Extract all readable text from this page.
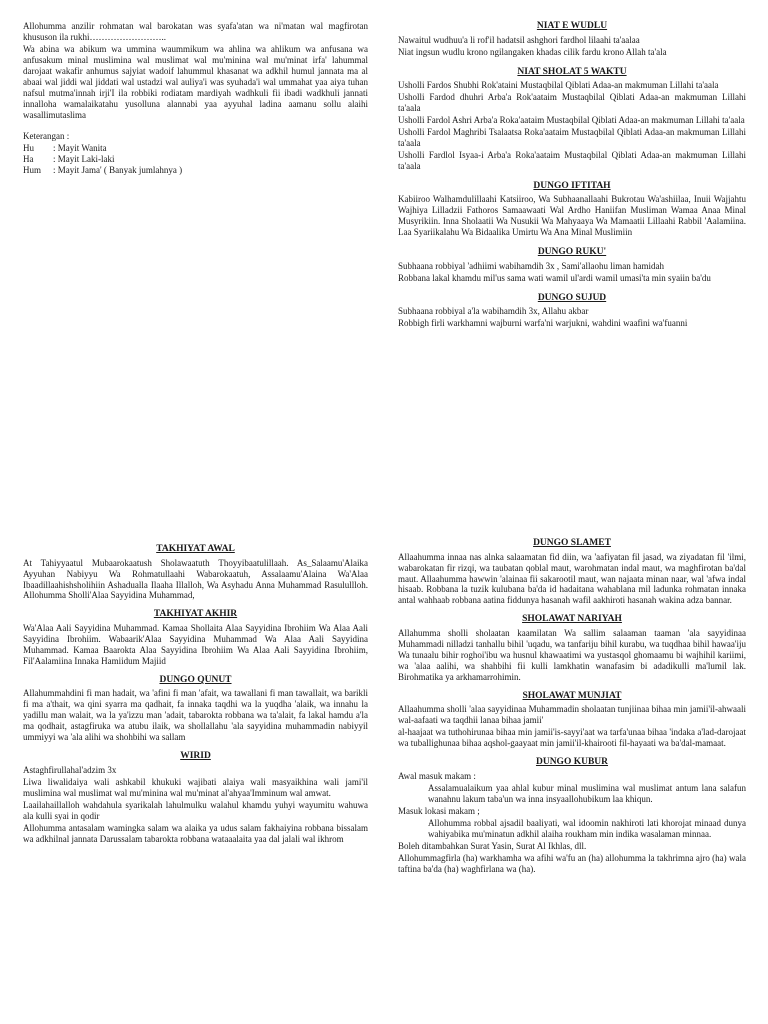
Allohumma anzilir rohmatan wal barokatan was syafa'atan wa ni'matan wal magfirotan khususon ila rukhi……………………..

Wa abina wa abikum wa ummina waummikum wa ahlina wa ahlikum wa anfusana wa anfusakum minal muslimina wal muslimat wal mu'minina wal mu'minat irfa' lahummal darojaat wakafir anhumus sajyiat wadoif lahummul khasanat wa adkhil humul jannata ma al abaai wal jiddi wal jiddati wal ustadzi wal auliya'i was syuhada'i wal ummahat yaa aiya tuhan nafsul mutma'innah irji'I ila robbiki rodiatam mardiyah wadhkuli fii ibadi wadkhuli jannati innalloha wamalaikatahu yusolluna alannabi yaa ayyuhal ladina aamanu sollu alaihi wasallimutaslima

Keterangan :

Hu	: Mayit Wanita
Ha	: Mayit Laki-laki
Hum	: Mayit Jama' ( Banyak jumlahnya )

NIAT E WUDLU

Nawaitul wudhuu'a li rof'il hadatsil ashghori fardhol lilaahi ta'aalaa

Niat ingsun wudlu krono ngilangaken khadas cilik fardu krono Allah ta'ala

NIAT SHOLAT 5 WAKTU

Usholli Fardos Shubhi Rok'ataini Mustaqbilal Qiblati Adaa-an makmuman Lillahi ta'aala

Usholli Fardod dhuhri Arba'a Rok'aataim Mustaqbilal Qiblati Adaa-an makmuman Lillahi ta'aala

Usholli Fardol Ashri Arba'a Roka'aataim Mustaqbilal Qiblati Adaa-an makmuman Lillahi ta'aala

Usholli Fardol Maghribi Tsalaatsa Roka'aataim Mustaqbilal Qiblati Adaa-an makmuman Lillahi ta'aala

Usholli Fardlol Isyaa-i Arba'a Roka'aataim Mustaqbilal Qiblati Adaa-an makmuman Lillahi ta'aala

DUNGO IFTITAH

Kabiiroo Walhamdulillaahi Katsiiroo, Wa Subhaanallaahi Bukrotau Wa'ashiilaa, Inuii Wajjahtu Wajhiya Lilladzii Fathoros Samaawaati Wal Ardho Haniifan Musliman Wamaa Anaa Minal Musyrikiin. Inna Sholaatii Wa Nusukii Wa Mahyaaya Wa Mamaatii Lillaahi Rabbil 'Aalamiina. Laa Syariikalahu Wa Bidaalika Umirtu Wa Ana Minal Muslimiin

DUNGO RUKU'

Subhaana robbiyal 'adhiimi wabihamdih 3x , Sami'allaohu liman hamidah

Robbana lakal khamdu mil'us sama wati wamil ul'ardi wamil umasi'ta min syaiin ba'du

DUNGO SUJUD

Subhaana robbiyal a'la wabihamdih 3x, Allahu akbar

Robbigh firli warkhamni wajburni warfa'ni warjukni, wahdini waafini wa'fuanni

TAKHIYAT AWAL

At Tahiyyaatul Mubaarokaatush Sholawaatuth Thoyyibaatulillaah. As_Salaamu'Alaika Ayyuhan Nabiyyu Wa Rohmatullaahi Wabarokaatuh, Assalaamu'Alaina Wa'Alaa Ibaadillaahishsholihiin Ashadualla Ilaaha Illalloh, Wa Asyhadu Anna Muhammad Rasulullloh. Allohumma Sholli'Alaa Sayyidina Muhammad,

TAKHIYAT AKHIR

Wa'Alaa Aali Sayyidina Muhammad. Kamaa Shollaita Alaa Sayyidina Ibrohiim Wa Alaa Aali Sayyidina Ibrohiim. Wabaarik'Alaa Sayyidina Muhammad Wa Alaa Aali Sayyidina Muhammad. Kamaa Baarokta Alaa Sayyidina Ibrohiim Wa Alaa Aali Sayyidina Ibrohiim, Fil'Aalamiina Innaka Hamiidum Majiid

DUNGO QUNUT

Allahummahdini fi man hadait, wa 'afini fi man 'afait, wa tawallani fi man tawallait, wa barikli fi ma a'thait, wa qini syarra ma qadhait, fa innaka taqdhi wa la yuqdha 'alaik, wa innahu la yadillu man walait, wa la ya'izzu man 'adait, tabarokta robbana wa ta'alait, fa lakal hamdu a'la ma qodhait, astagfiruka wa atubu ilaik, wa shollallahu 'ala sayyidina muhammadin nabiyyil ummiyyi wa 'ala alihi wa shohbihi wa sallam

WIRID

Astaghfirullahal'adzim 3x

Liwa liwalidaiya wali ashkabil khukuki wajibati alaiya wali masyaikhina wali jami'il muslimina wal muslimat wal mu'minina wal mu'minat al'ahyaa'Imminum wal amwat.

Laailahaillalloh wahdahula syarikalah lahulmulku walahul khamdu yuhyi wayumitu wahuwa ala kulli syai in qodir

Allohumma antasalam wamingka salam wa alaika ya udus salam fakhaiyina robbana bissalam wa adkhilnal jannata Darussalam tabarokta robbana wataaalaita yaa dal jalali wal ikhrom

DUNGO SLAMET

Allaahumma innaa nas alnka salaamatan fid diin, wa 'aafiyatan fil jasad, wa ziyadatan fil 'ilmi, wabarokatan fir rizqi, wa taubatan qoblal maut, warohmatan indal maut, wa maghfirotan ba'dal maut. Allaahumma hawwin 'alainaa fii sakarootil maut, wan najaata minan naar, wal 'afwa indal hisaab. Robbana la tuzik kulubana ba'da id hadaitana wahablana mil ladunka rohmatan innaka antal wahhaab robbana aatina fiddunya hasanah wafil aakhiroti hasanah wakina adza bannar.

SHOLAWAT NARIYAH

Allahumma sholli sholaatan kaamilatan Wa sallim salaaman taaman 'ala sayyidinaa Muhammadi nilladzi tanhallu bihil 'uqadu, wa tanfariju bihil kurabu, wa tuqdhaa bihil hawaa'iju Wa tunaalu bihir roghoi'ibu wa husnul khawaatimi wa yustasqol ghomaamu bi wajhihil kariimi, wa 'alaa aalihi, wa shahbihi fii kulli lamkhatin wanafasim bi adadikulli ma'lumil lak. Birohmatika ya arkhamarrohimin.

SHOLAWAT MUNJIAT

Allaahumma sholli 'alaa sayyidinaa Muhammadin sholaatan tunjiinaa bihaa min jamii'il-ahwaali wal-aafaati wa taqdhii lanaa bihaa jamii'

al-haajaat wa tuthohirunaa bihaa min jamii'is-sayyi'aat wa tarfa'unaa bihaa 'indaka a'lad-darojaat wa tuballighunaa bihaa aqshol-gaayaat min jamii'il-khairooti fil-hayaati wa ba'dal-mamaat.

DUNGO KUBUR

Awal masuk makam :

Assalamualaikum yaa ahlal kubur minal muslimina wal muslimat antum lana salafun wanahnu lakum taba'un wa inna insyaallohubikum laa khiqun.

Masuk lokasi makam ;

Allohumma robbal ajsadil baaliyati, wal idoomin nakhiroti lati khorojat minaad dunya wahiyabika mu'minatun adkhil alaiha roukham min indika wasalaman minnaa.

Boleh ditambahkan Surat Yasin, Surat Al Ikhlas, dll.

Allohummagfirla (ha) warkhamha wa afihi wa'fu an (ha) allohumma la takhrimna ajro (ha) wala taftina ba'da (ha) waghfirlana wa (ha).
